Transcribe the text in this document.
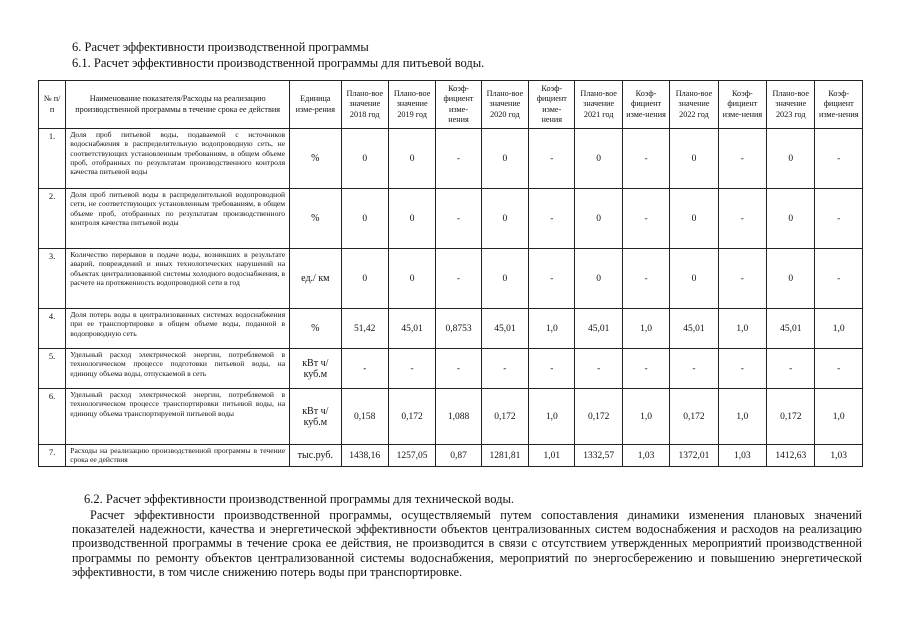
6. Расчет эффективности производственной программы
6.1. Расчет эффективности производственной программы для питьевой воды.
№ п/п	Наименование показателя/Расходы на реализацию производственной программы в течение срока ее действия	Единица изме-рения	Плано-вое значение 2018 год	Плано-вое значение 2019 год	Коэф-фициент изме-нения	Плано-вое значение 2020 год	Коэф-фициент изме-нения	Плано-вое значение 2021 год	Коэф-фициент изме-нения	Плано-вое значение 2022 год	Коэф-фициент изме-нения	Плано-вое значение 2023 год	Коэф-фициент изме-нения
1.	Доля проб питьевой воды, подаваемой с источников водоснабжения в распределительную водопроводную сеть, не соответствующих установленным требованиям, в общем объеме проб, отобранных по результатам производственного контроля качества питьевой воды	%	0	0	-	0	-	0	-	0	-	0	-
2.	Доля проб питьевой воды в распределительной водопроводной сети, не соответствующих установленным требованиям, в общем объеме проб, отобранных по результатам производственного контроля качества питьевой воды	%	0	0	-	0	-	0	-	0	-	0	-
3.	Количество перерывов в подаче воды, возникших в результате аварий, повреждений и иных технологических нарушений на объектах централизованной системы холодного водоснабжения, в расчете на протяженность водопроводной сети в год	ед./ км	0	0	-	0	-	0	-	0	-	0	-
4.	Доля потерь воды в централизованных системах водоснабжения при ее транспортировке в общем объеме воды, поданной в водопроводную сеть	%	51,42	45,01	0,8753	45,01	1,0	45,01	1,0	45,01	1,0	45,01	1,0
5.	Удельный расход электрической энергии, потребляемой в технологическом процессе подготовки питьевой воды, на единицу объема воды, отпускаемой в сеть	кВт ч/куб.м	-	-	-	-	-	-	-	-	-	-	-
6.	Удельный расход электрической энергии, потребляемой в технологическом процессе транспортировки питьевой воды, на единицу объема транспортируемой питьевой воды	кВт ч/куб.м	0,158	0,172	1,088	0,172	1,0	0,172	1,0	0,172	1,0	0,172	1,0
7.	Расходы на реализацию производственной программы в течение срока ее действия	тыс.руб.	1438,16	1257,05	0,87	1281,81	1,01	1332,57	1,03	1372,01	1,03	1412,63	1,03
6.2. Расчет эффективности производственной программы для технической воды.
Расчет эффективности производственной программы, осуществляемый путем сопоставления динамики изменения плановых значений показателей надежности, качества и энергетической эффективности объектов централизованных систем водоснабжения и расходов на реализацию производственной программы в течение срока ее действия, не производится в связи с отсутствием утвержденных мероприятий производственной программы по ремонту объектов централизованной системы водоснабжения, мероприятий по энергосбережению и повышению энергетической эффективности, в том числе снижению потерь воды при транспортировке.
